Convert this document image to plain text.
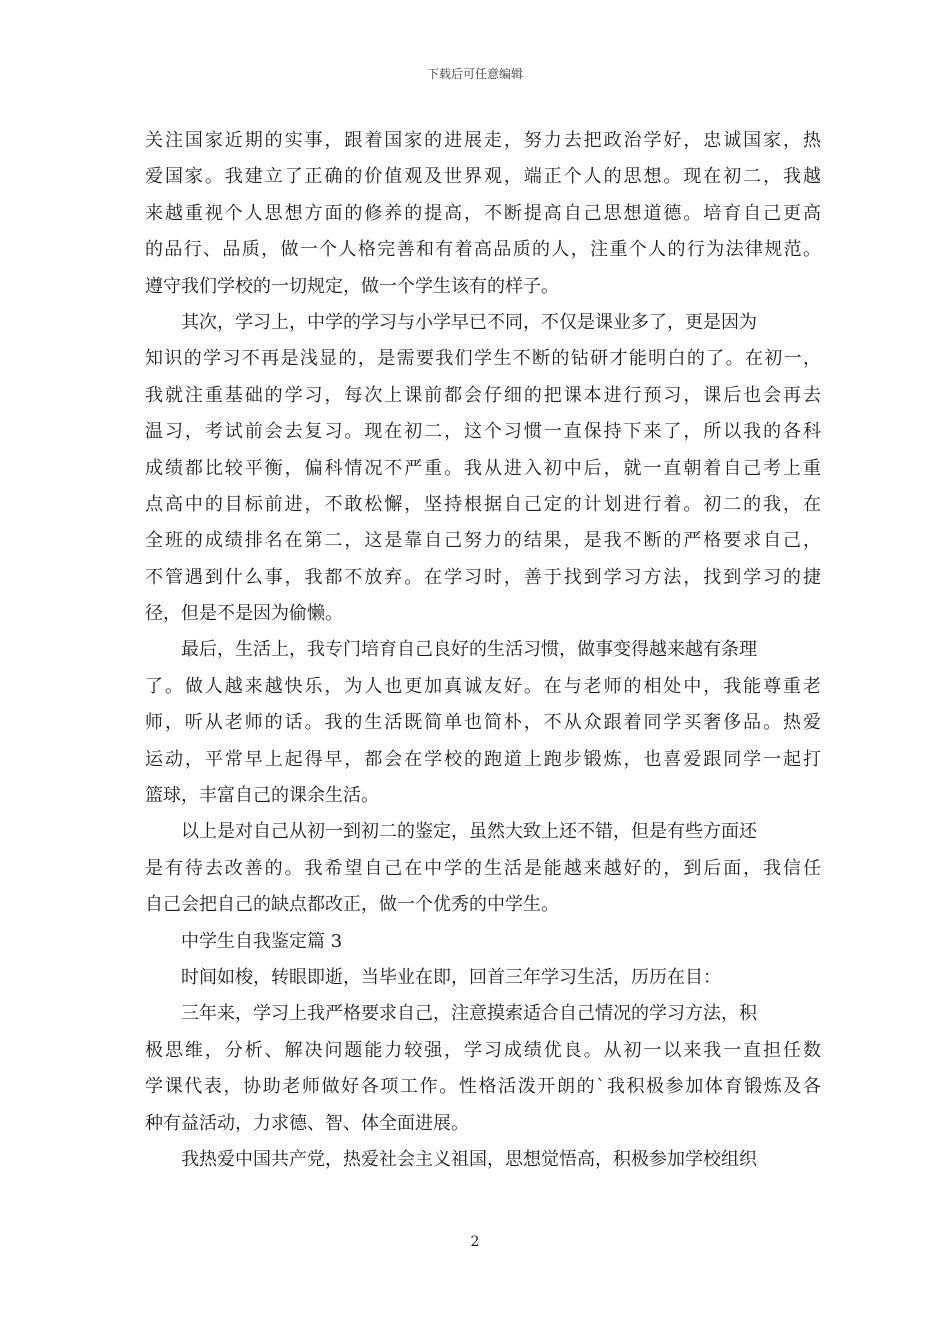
下载后可任意编辑
关注国家近期的实事，跟着国家的进展走，努力去把政治学好，忠诚国家，热
爱国家。我建立了正确的价值观及世界观，端正个人的思想。现在初二，我越
来越重视个人思想方面的修养的提高，不断提高自己思想道德。培育自己更高
的品行、品质，做一个人格完善和有着高品质的人，注重个人的行为法律规范。
遵守我们学校的一切规定，做一个学生该有的样子。
其次，学习上，中学的学习与小学早已不同，不仅是课业多了，更是因为
知识的学习不再是浅显的，是需要我们学生不断的钻研才能明白的了。在初一，
我就注重基础的学习，每次上课前都会仔细的把课本进行预习，课后也会再去
温习，考试前会去复习。现在初二，这个习惯一直保持下来了，所以我的各科
成绩都比较平衡，偏科情况不严重。我从进入初中后，就一直朝着自己考上重
点高中的目标前进，不敢松懈，坚持根据自己定的计划进行着。初二的我，在
全班的成绩排名在第二，这是靠自己努力的结果，是我不断的严格要求自己，
不管遇到什么事，我都不放弃。在学习时，善于找到学习方法，找到学习的捷
径，但是不是因为偷懒。
最后，生活上，我专门培育自己良好的生活习惯，做事变得越来越有条理
了。做人越来越快乐，为人也更加真诚友好。在与老师的相处中，我能尊重老
师，听从老师的话。我的生活既简单也简朴，不从众跟着同学买奢侈品。热爱
运动，平常早上起得早，都会在学校的跑道上跑步锻炼，也喜爱跟同学一起打
篮球，丰富自己的课余生活。
以上是对自己从初一到初二的鉴定，虽然大致上还不错，但是有些方面还
是有待去改善的。我希望自己在中学的生活是能越来越好的，到后面，我信任
自己会把自己的缺点都改正，做一个优秀的中学生。
中学生自我鉴定篇 3
时间如梭，转眼即逝，当毕业在即，回首三年学习生活，历历在目：
三年来，学习上我严格要求自己，注意摸索适合自己情况的学习方法，积
极思维，分析、解决问题能力较强，学习成绩优良。从初一以来我一直担任数
学课代表，协助老师做好各项工作。性格活泼开朗的`我积极参加体育锻炼及各
种有益活动，力求德、智、体全面进展。
我热爱中国共产党，热爱社会主义祖国，思想觉悟高，积极参加学校组织
2
